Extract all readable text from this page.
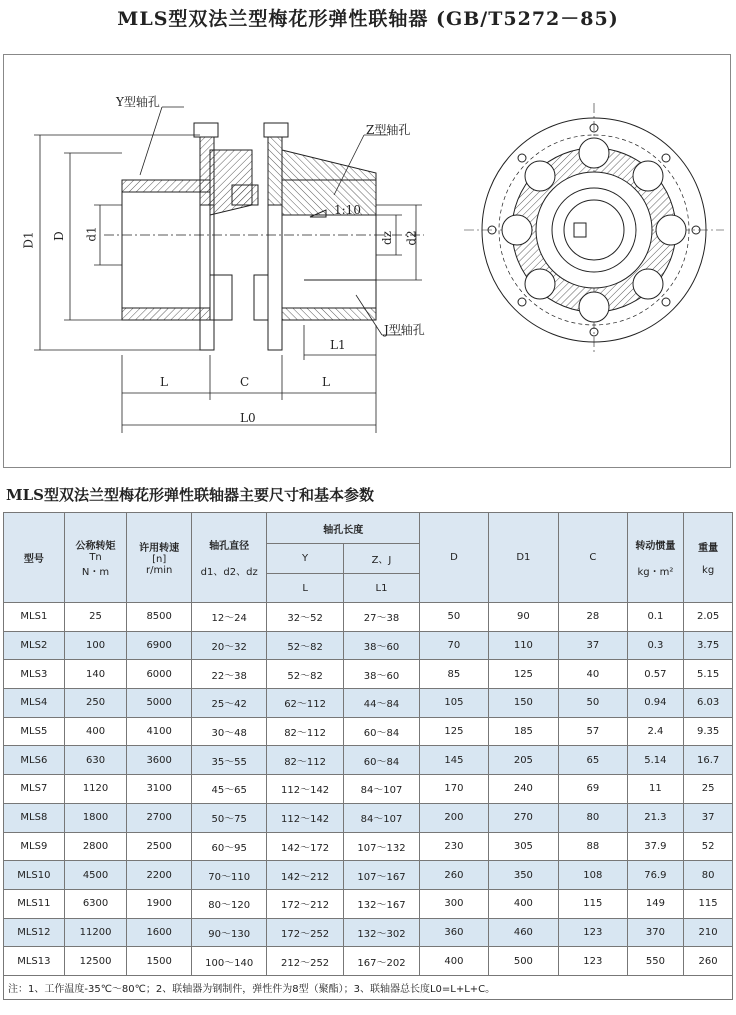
MLS型双法兰型梅花形弹性联轴器 (GB/T5272－85)
Y型轴孔
Z型轴孔
J型轴孔
1:10
D1 D d1	dz d2
L	C	L
L1
L0
MLS型双法兰型梅花形弹性联轴器主要尺寸和基本参数
型号	公称转矩
Tn
N・m	许用转速
[n]
r/min	轴孔直径

d1、d2、dz	轴孔长度		D	D1	C	转动惯量

kg・m²	重量

kg
				Y	Z、J					
				L	L1					
MLS1	25	8500	12～24	32～52	27～38	50	90	28	0.1	2.05
MLS2	100	6900	20～32	52～82	38～60	70	110	37	0.3	3.75
MLS3	140	6000	22～38	52～82	38～60	85	125	40	0.57	5.15
MLS4	250	5000	25～42	62～112	44～84	105	150	50	0.94	6.03
MLS5	400	4100	30～48	82～112	60～84	125	185	57	2.4	9.35
MLS6	630	3600	35～55	82～112	60～84	145	205	65	5.14	16.7
MLS7	1120	3100	45～65	112～142	84～107	170	240	69	11	25
MLS8	1800	2700	50～75	112～142	84～107	200	270	80	21.3	37
MLS9	2800	2500	60～95	142～172	107～132	230	305	88	37.9	52
MLS10	4500	2200	70～110	142～212	107～167	260	350	108	76.9	80
MLS11	6300	1900	80～120	172～212	132～167	300	400	115	149	115
MLS12	11200	1600	90～130	172～252	132～302	360	460	123	370	210
MLS13	12500	1500	100～140	212～252	167～202	400	500	123	550	260
注：1、工作温度-35℃～80℃；2、联轴器为钢制件，弹性件为8型（聚酯）；3、联轴器总长度L0=L+L+C。										
